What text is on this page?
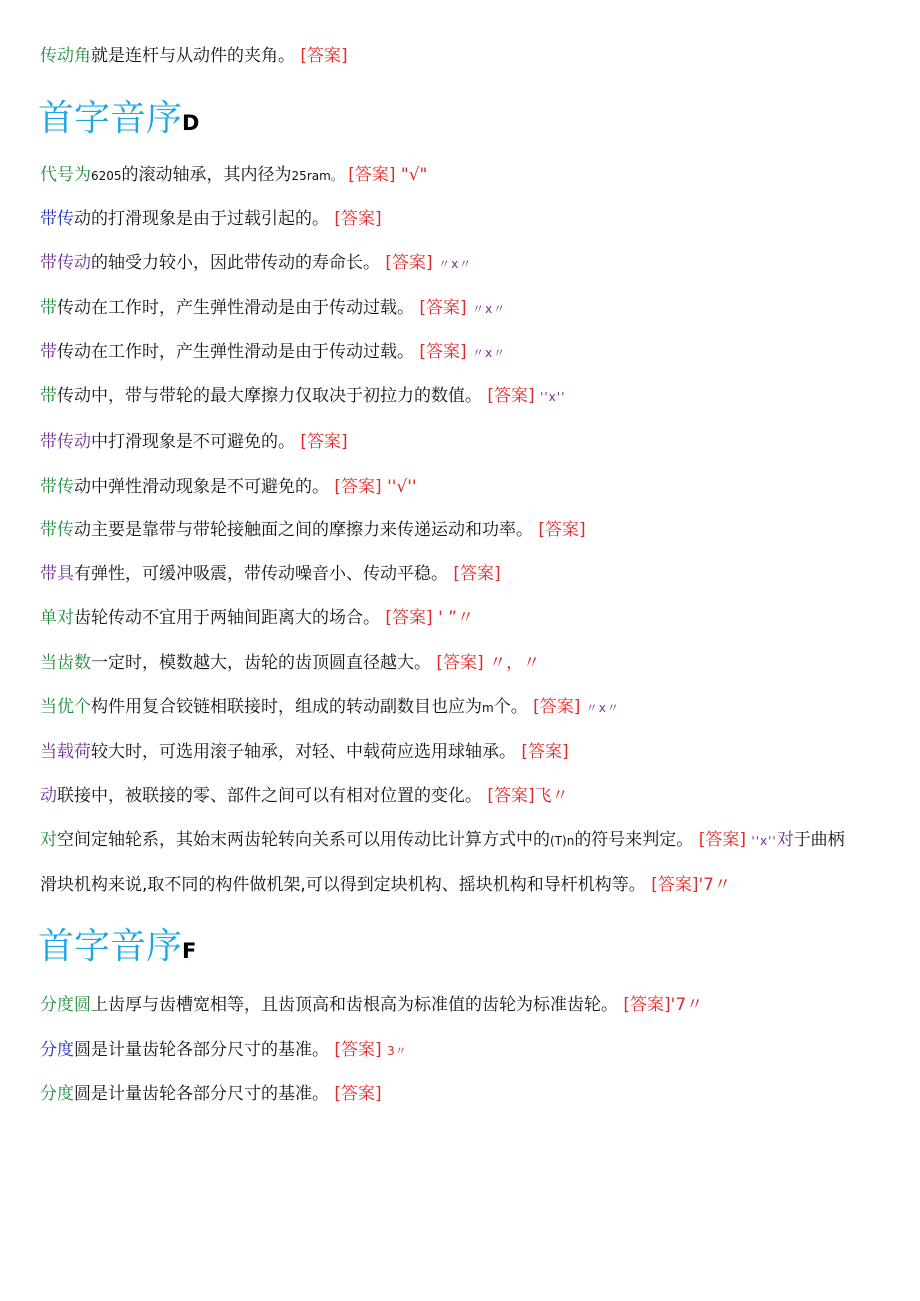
传动角就是连杆与从动件的夹角。 [答案]
首字音序D
代号为6205的滚动轴承，其内径为25ram。 [答案] "√"
带传动的打滑现象是由于过载引起的。 [答案]
带传动的轴受力较小，因此带传动的寿命长。 [答案] 〃x〃
带传动在工作时，产生弹性滑动是由于传动过载。 [答案] 〃x〃
带传动在工作时，产生弹性滑动是由于传动过载。 [答案] 〃x〃
带传动中，带与带轮的最大摩擦力仅取决于初拉力的数值。 [答案] ''x''
带传动中打滑现象是不可避免的。 [答案]
带传动中弹性滑动现象是不可避免的。 [答案] ''√''
带传动主要是靠带与带轮接触面之间的摩擦力来传递运动和功率。 [答案]
带具有弹性，可缓冲吸震，带传动噪音小、传动平稳。 [答案]
单对齿轮传动不宜用于两轴间距离大的场合。 [答案] ' ”〃
当齿数一定时，模数越大，齿轮的齿顶圆直径越大。 [答案] 〃，〃
当优个构件用复合铰链相联接时，组成的转动副数目也应为m个。 [答案] 〃x〃
当载荷较大时，可选用滚子轴承，对轻、中载荷应选用球轴承。 [答案]
动联接中，被联接的零、部件之间可以有相对位置的变化。 [答案]飞〃
对空间定轴轮系，其始末两齿轮转向关系可以用传动比计算方式中的(T)n的符号来判定。 [答案] ''x''对于曲柄
滑块机构来说,取不同的构件做机架,可以得到定块机构、摇块机构和导杆机构等。 [答案]'7〃
首字音序F
分度圆上齿厚与齿槽宽相等，且齿顶高和齿根高为标准值的齿轮为标准齿轮。 [答案]'7〃
分度圆是计量齿轮各部分尺寸的基准。 [答案] 3〃
分度圆是计量齿轮各部分尺寸的基准。 [答案]
